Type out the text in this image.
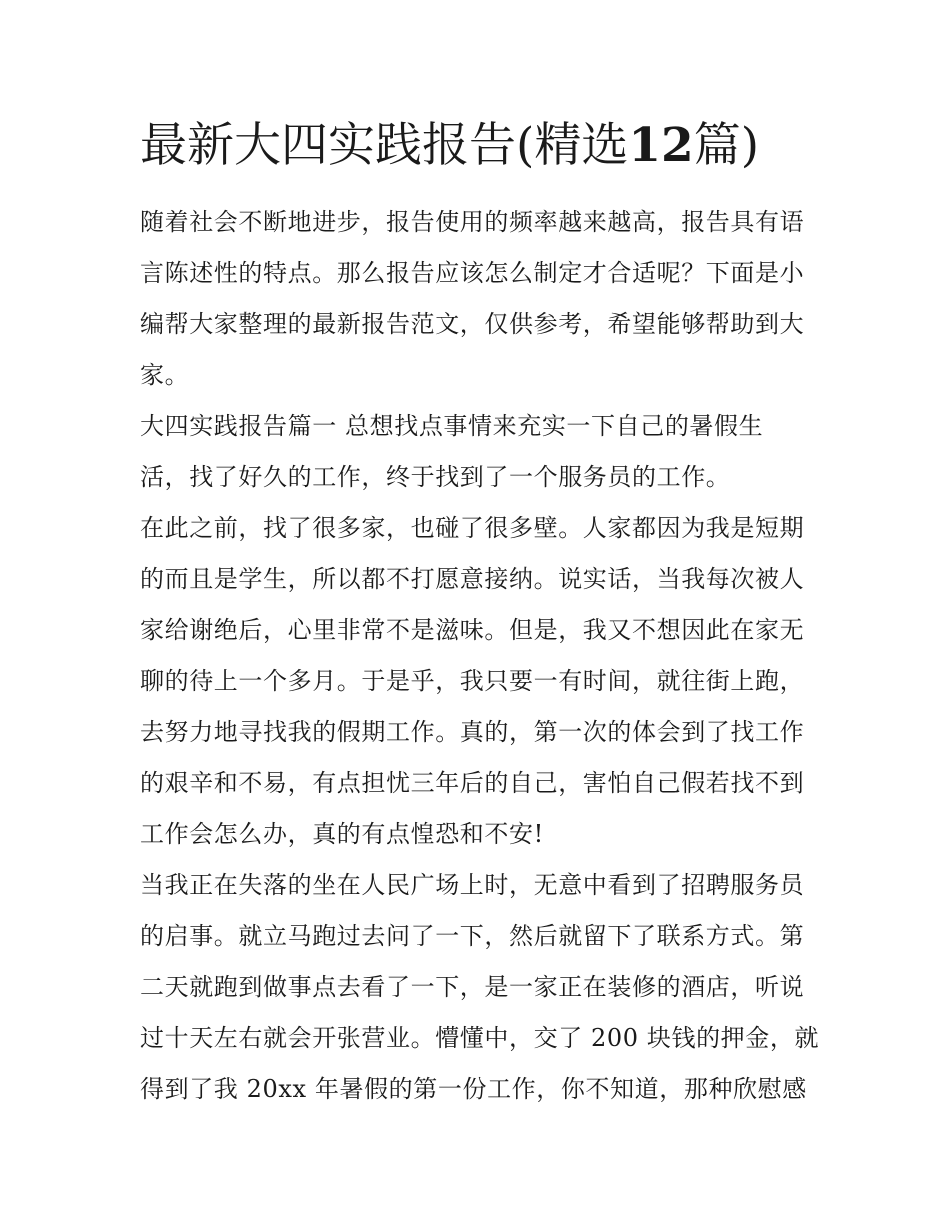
最新大四实践报告(精选12篇)
随着社会不断地进步，报告使用的频率越来越高，报告具有语
言陈述性的特点。那么报告应该怎么制定才合适呢？下面是小
编帮大家整理的最新报告范文，仅供参考，希望能够帮助到大
家。
大四实践报告篇一 总想找点事情来充实一下自己的暑假生
活，找了好久的工作，终于找到了一个服务员的工作。
在此之前，找了很多家，也碰了很多壁。人家都因为我是短期
的而且是学生，所以都不打愿意接纳。说实话，当我每次被人
家给谢绝后，心里非常不是滋味。但是，我又不想因此在家无
聊的待上一个多月。于是乎，我只要一有时间，就往街上跑，
去努力地寻找我的假期工作。真的，第一次的体会到了找工作
的艰辛和不易，有点担忧三年后的自己，害怕自己假若找不到
工作会怎么办，真的有点惶恐和不安!
当我正在失落的坐在人民广场上时，无意中看到了招聘服务员
的启事。就立马跑过去问了一下，然后就留下了联系方式。第
二天就跑到做事点去看了一下，是一家正在装修的酒店，听说
过十天左右就会开张营业。懵懂中，交了 200 块钱的押金，就
得到了我 20xx 年暑假的第一份工作，你不知道，那种欣慰感
